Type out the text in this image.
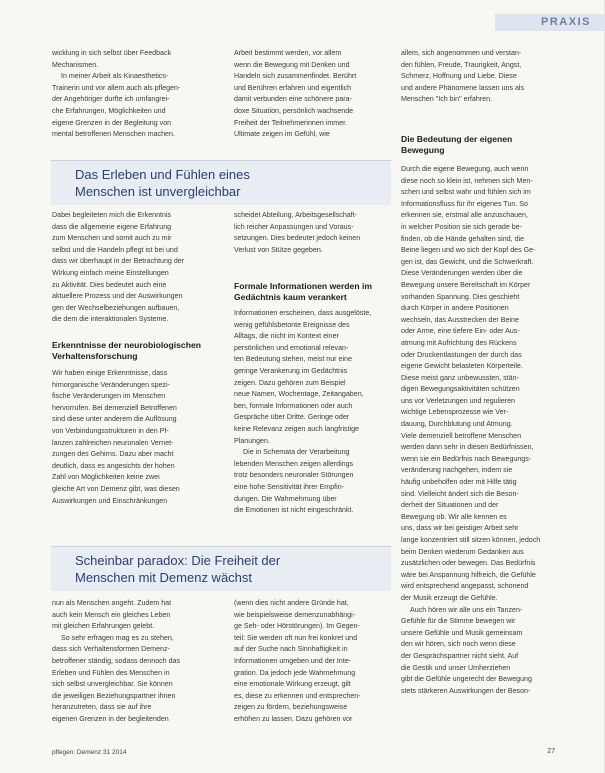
PRAXIS

wicklung in sich selbst über Feedback

Mechanismen.

In meiner Arbeit als Kinaesthetics-

Trainerin und vor allem auch als pflegen-

der Angehöriger durfte ich umfangrei-

che Erfahrungen, Möglichkeiten und

eigene Grenzen in der Begleitung von

mental betroffenen Menschen machen.

Arbeit bestimmt werden, vor allem

wenn die Bewegung mit Denken und

Handeln sich zusammenfindet. Berührt

und Berühren erfahren und eigentlich

damit verbunden eine schönere para-

doxe Situation, persönlich wachsende

Freiheit der Teilnehmerinnen immer.

Ultimate zeigen im Gefühl, wie

allem, sich angenommen und verstan-

den fühlen, Freude, Traurigkeit, Angst,

Schmerz, Hoffnung und Liebe. Diese

und andere Phänomene lassen uns als

Menschen "Ich bin" erfahren.

Das Erleben und Fühlen eines
Menschen ist unvergleichbar

Dabei begleiteten mich die Erkenntnis

dass die allgemeine eigene Erfahrung

zum Menschen und somit auch zu mir

selbst und die Handeln pflegt ist bei und

dass wir überhaupt in der Betrachtung der

Wirkung einfach meine Einstellungen

zu Aktivität. Dies bedeutet auch eine

aktuellere Prozess und der Auswirkungen

gen der Wechselbeziehungen aufbauen,

die dem die interaktionalen Systeme.

scheidet Abteilung, Arbeitsgesellschaft-

lich reicher Anpassungen und Voraus-

setzungen. Dies bedeutet jedoch keinen

Verlust von Stütze gegeben.

Die Bedeutung der eigenen Bewegung

Durch die eigene Bewegung, auch wenn

diese noch so klein ist, nehmen sich Men-

schen und selbst wahr und fühlen sich im

Informationsfluss für ihr eigenes Tun. So

erkennen sie, erstmal alle anzuschauen,

in welcher Position sie sich gerade be-

finden, ob die Hände gehalten sind, die

Beine liegen und wo sich der Kopf des Ge-

gen ist, das Gewicht, und die Schwerkraft.

Diese Veränderungen werden über die

Bewegung unsere Bereitschaft im Körper

vorhanden Spannung. Dies geschieht

durch Körper in andere Positionen

wechseln, das Ausstrecken der Beine

oder Arme, eine tiefere Ein- oder Aus-

atmung mit Aufrichtung des Rückens

oder Druckentlastungen der durch das

eigene Gewicht belasteten Körperteile.

Diese meist ganz unbewussten, stän-

digen Bewegungsaktivitäten schützen

uns vor Verletzungen und regulieren

wichtige Lebensprozesse wie Ver-

dauung, Durchblutung und Atmung.

Viele demenziell betroffene Menschen

werden dann sehr in diesen Bedürfnissen,

wenn sie ein Bedürfnis nach Bewegungs-

veränderung nachgehen, indem sie

häufig unbeholfen oder mit Hilfe tätig

sind. Vielleicht ändert sich die Beson-

derheit der Situationen und der

Bewegung ob. Wir alle kennen es

uns, dass wir bei geistiger Arbeit sehr

lange konzentriert still sitzen können, jedoch

beim Denken wiederum Gedanken aus

zusätzlichen oder bewegen. Das Bedürfnis

wäre bei Anspannung hilfreich, die Gefühle

wird entsprechend angepasst, schonend

der Musik erzeugt die Gefühle.

Auch hören wir alle uns ein Tanzen-

Gefühle für die Stimme bewegen wir

unsere Gefühle und Musik gemeinsam

den wir hören, sich noch wenn diese

der Gesprächspartner nicht sieht. Auf

die Gestik und unser Umherziehen

gibt die Gefühle ungerecht der Bewegung

stets stärkeren Auswirkungen der Beson-

Formale Informationen werden im Gedächtnis kaum verankert

Informationen erscheinen, dass ausgelöste,

wenig gefühlsbetonte Ereignisse des

Alltags, die nicht im Kontext einer

persönlichen und emotional relevan-

ten Bedeutung stehen, meist nur eine

geringe Verankerung im Gedächtnis

zeigen. Dazu gehören zum Beispiel

neue Namen, Wochentage, Zeitangaben,

ben, formale Informationen oder auch

Gespräche über Dritte. Geringe oder

keine Relevanz zeigen auch langfristige

Planungen.

Die in Schemata der Verarbeitung

lebenden Menschen zeigen allerdings

trotz besonders neuronaler Störungen

eine hohe Sensitivität ihrer Empfin-

dungen. Die Wahrnehmung über

die Emotionen ist nicht eingeschränkt.

Erkenntnisse der neurobiologischen Verhaltensforschung

Wir haben einige Erkenntnisse, dass

hirnorganische Veränderungen spezi-

fische Veränderungen im Menschen

hervorrufen. Bei demenziell Betroffenen

sind diese unter anderem die Auflösung

von Verbindungsstrukturen in den Pf-

lanzen zahlreichen neuronalen Vernet-

zungen des Gehirns. Dazu aber macht

deutlich, dass es angesichts der hohen

Zahl von Möglichkeiten keine zwei

gleiche Art von Demenz gibt, was diesen

Auswirkungen und Einschränkungen

Scheinbar paradox: Die Freiheit der
Menschen mit Demenz wächst

nun als Menschen angeht. Zudem hat

auch kein Mensch ein gleiches Leben

mit gleichen Erfahrungen gelebt.

So sehr erfragen mag es zu stehen,

dass sich Verhaltensformen Demenz-

betroffener ständig, sodass dennoch das

Erleben und Fühlen des Menschen in

sich selbst unvergleichbar. Sie können

die jeweiligen Beziehungspartner ihnen

heranzutreten, dass sie auf ihre

eigenen Grenzen in der begleitenden

(wenn dies nicht andere Gründe hat,

wie beispielsweise demenzunabhängi-

ge Seh- oder Hörstörungen). Im Gegen-

teil: Sie werden oft nun frei konkret und

auf der Suche nach Sinnhaftigkeit in

Informationen umgeben und der Inte-

gration. Da jedoch jede Wahrnehmung

eine emotionale Wirkung erzeugt, gilt

es, diese zu erkennen und entsprechen-

zeigen zu fördern, beziehungsweise

erhöhen zu lassen. Dazu gehören vor

pflegen: Demenz 31 2014	27
